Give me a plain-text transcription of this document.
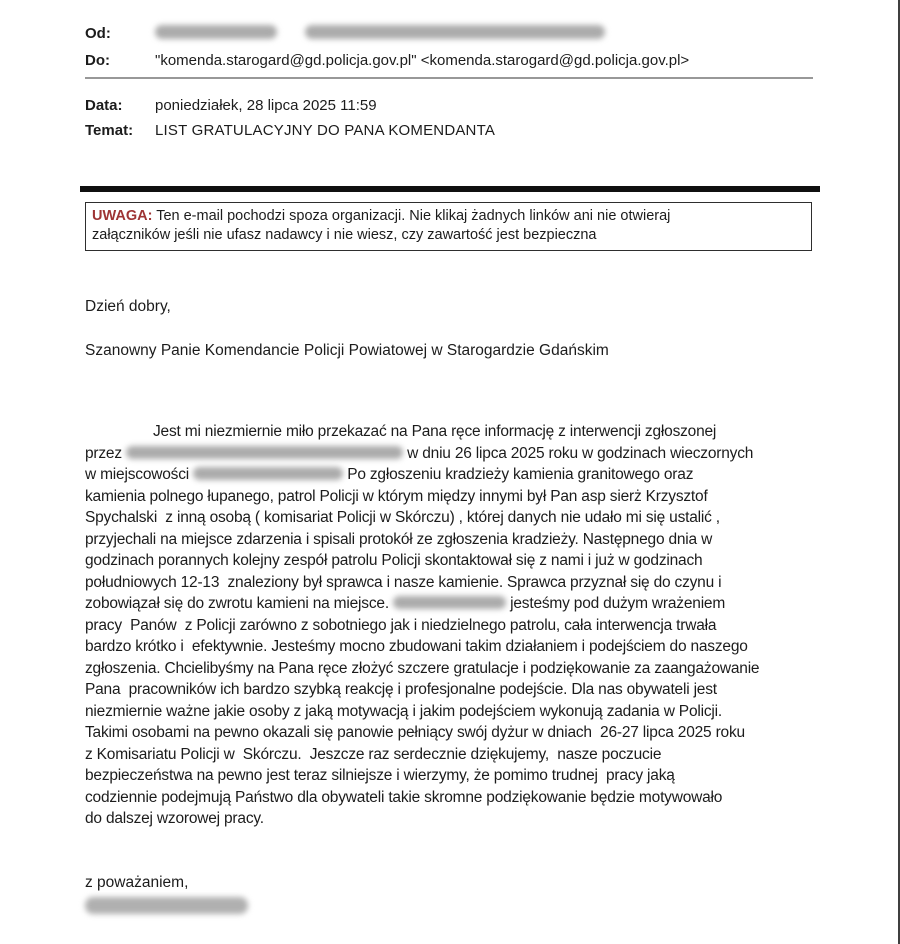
Od:
Do:	"komenda.starogard@gd.policja.gov.pl" <komenda.starogard@gd.policja.gov.pl>
Data:	poniedziałek, 28 lipca 2025 11:59
Temat:	LIST GRATULACYJNY DO PANA KOMENDANTA
UWAGA: Ten e-mail pochodzi spoza organizacji. Nie klikaj żadnych linków ani nie otwieraj
załączników jeśli nie ufasz nadawcy i nie wiesz, czy zawartość jest bezpieczna
Dzień dobry,
Szanowny Panie Komendancie Policji Powiatowej w Starogardzie Gdańskim
Jest mi niezmiernie miło przekazać na Pana ręce informację z interwencji zgłoszonej
przez	w dniu 26 lipca 2025 roku w godzinach wieczornych
w miejscowości	Po zgłoszeniu kradzieży kamienia granitowego oraz
kamienia polnego łupanego, patrol Policji w którym między innymi był Pan asp sierż Krzysztof
Spychalski  z inną osobą ( komisariat Policji w Skórczu) , której danych nie udało mi się ustalić ,
przyjechali na miejsce zdarzenia i spisali protokół ze zgłoszenia kradzieży. Następnego dnia w
godzinach porannych kolejny zespół patrolu Policji skontaktował się z nami i już w godzinach
południowych 12-13  znaleziony był sprawca i nasze kamienie. Sprawca przyznał się do czynu i
zobowiązał się do zwrotu kamieni na miejsce.	jesteśmy pod dużym wrażeniem
pracy  Panów  z Policji zarówno z sobotniego jak i niedzielnego patrolu, cała interwencja trwała
bardzo krótko i  efektywnie. Jesteśmy mocno zbudowani takim działaniem i podejściem do naszego
zgłoszenia. Chcielibyśmy na Pana ręce złożyć szczere gratulacje i podziękowanie za zaangażowanie
Pana  pracowników ich bardzo szybką reakcję i profesjonalne podejście. Dla nas obywateli jest
niezmiernie ważne jakie osoby z jaką motywacją i jakim podejściem wykonują zadania w Policji.
Takimi osobami na pewno okazali się panowie pełniący swój dyżur w dniach  26-27 lipca 2025 roku
z Komisariatu Policji w  Skórczu.  Jeszcze raz serdecznie dziękujemy,  nasze poczucie
bezpieczeństwa na pewno jest teraz silniejsze i wierzymy, że pomimo trudnej  pracy jaką
codziennie podejmują Państwo dla obywateli takie skromne podziękowanie będzie motywowało
do dalszej wzorowej pracy.
z poważaniem,
